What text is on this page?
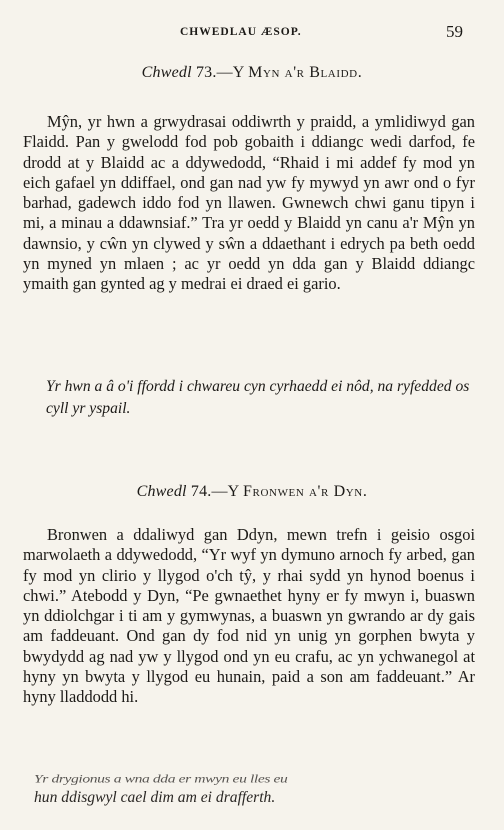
CHWEDLAU ÆSOP.	59
Chwedl 73.—Y Myn a'r Blaidd.

Mŷn, yr hwn a grwydrasai oddiwrth y praidd, a ymlidiwyd gan Flaidd. Pan y gwelodd fod pob gobaith i ddiangc wedi darfod, fe drodd at y Blaidd ac a ddywedodd, “Rhaid i mi addef fy mod yn eich gafael yn ddiffael, ond gan nad yw fy mywyd yn awr ond o fyr barhad, gadewch iddo fod yn llawen. Gwnewch chwi ganu tipyn i mi, a minau a ddawnsiaf.” Tra yr oedd y Blaidd yn canu a'r Mŷn yn dawnsio, y cŵn yn clywed y sŵn a ddaethant i edrych pa beth oedd yn myned yn mlaen ; ac yr oedd yn dda gan y Blaidd ddiangc ymaith gan gynted ag y medrai ei draed ei gario.

Yr hwn a â o'i ffordd i chwareu cyn cyrhaedd ei nôd, na ryfedded os cyll yr yspail.

Chwedl 74.—Y Fronwen a'r Dyn.

Bronwen a ddaliwyd gan Ddyn, mewn trefn i geisio osgoi marwolaeth a ddywedodd, “Yr wyf yn dymuno arnoch fy arbed, gan fy mod yn clirio y llygod o'ch tŷ, y rhai sydd yn hynod boenus i chwi.” Atebodd y Dyn, “Pe gwnaethet hyny er fy mwyn i, buaswn yn ddiolchgar i ti am y gymwynas, a buaswn yn gwrando ar dy gais am faddeuant. Ond gan dy fod nid yn unig yn gorphen bwyta y bwydydd ag nad yw y llygod ond yn eu crafu, ac yn ychwanegol at hyny yn bwyta y llygod eu hunain, paid a son am faddeuant.” Ar hyny lladdodd hi.

Yr drygionus a wna dda er mwyn eu lles eu
hun ddisgwyl cael dim am ei drafferth.
